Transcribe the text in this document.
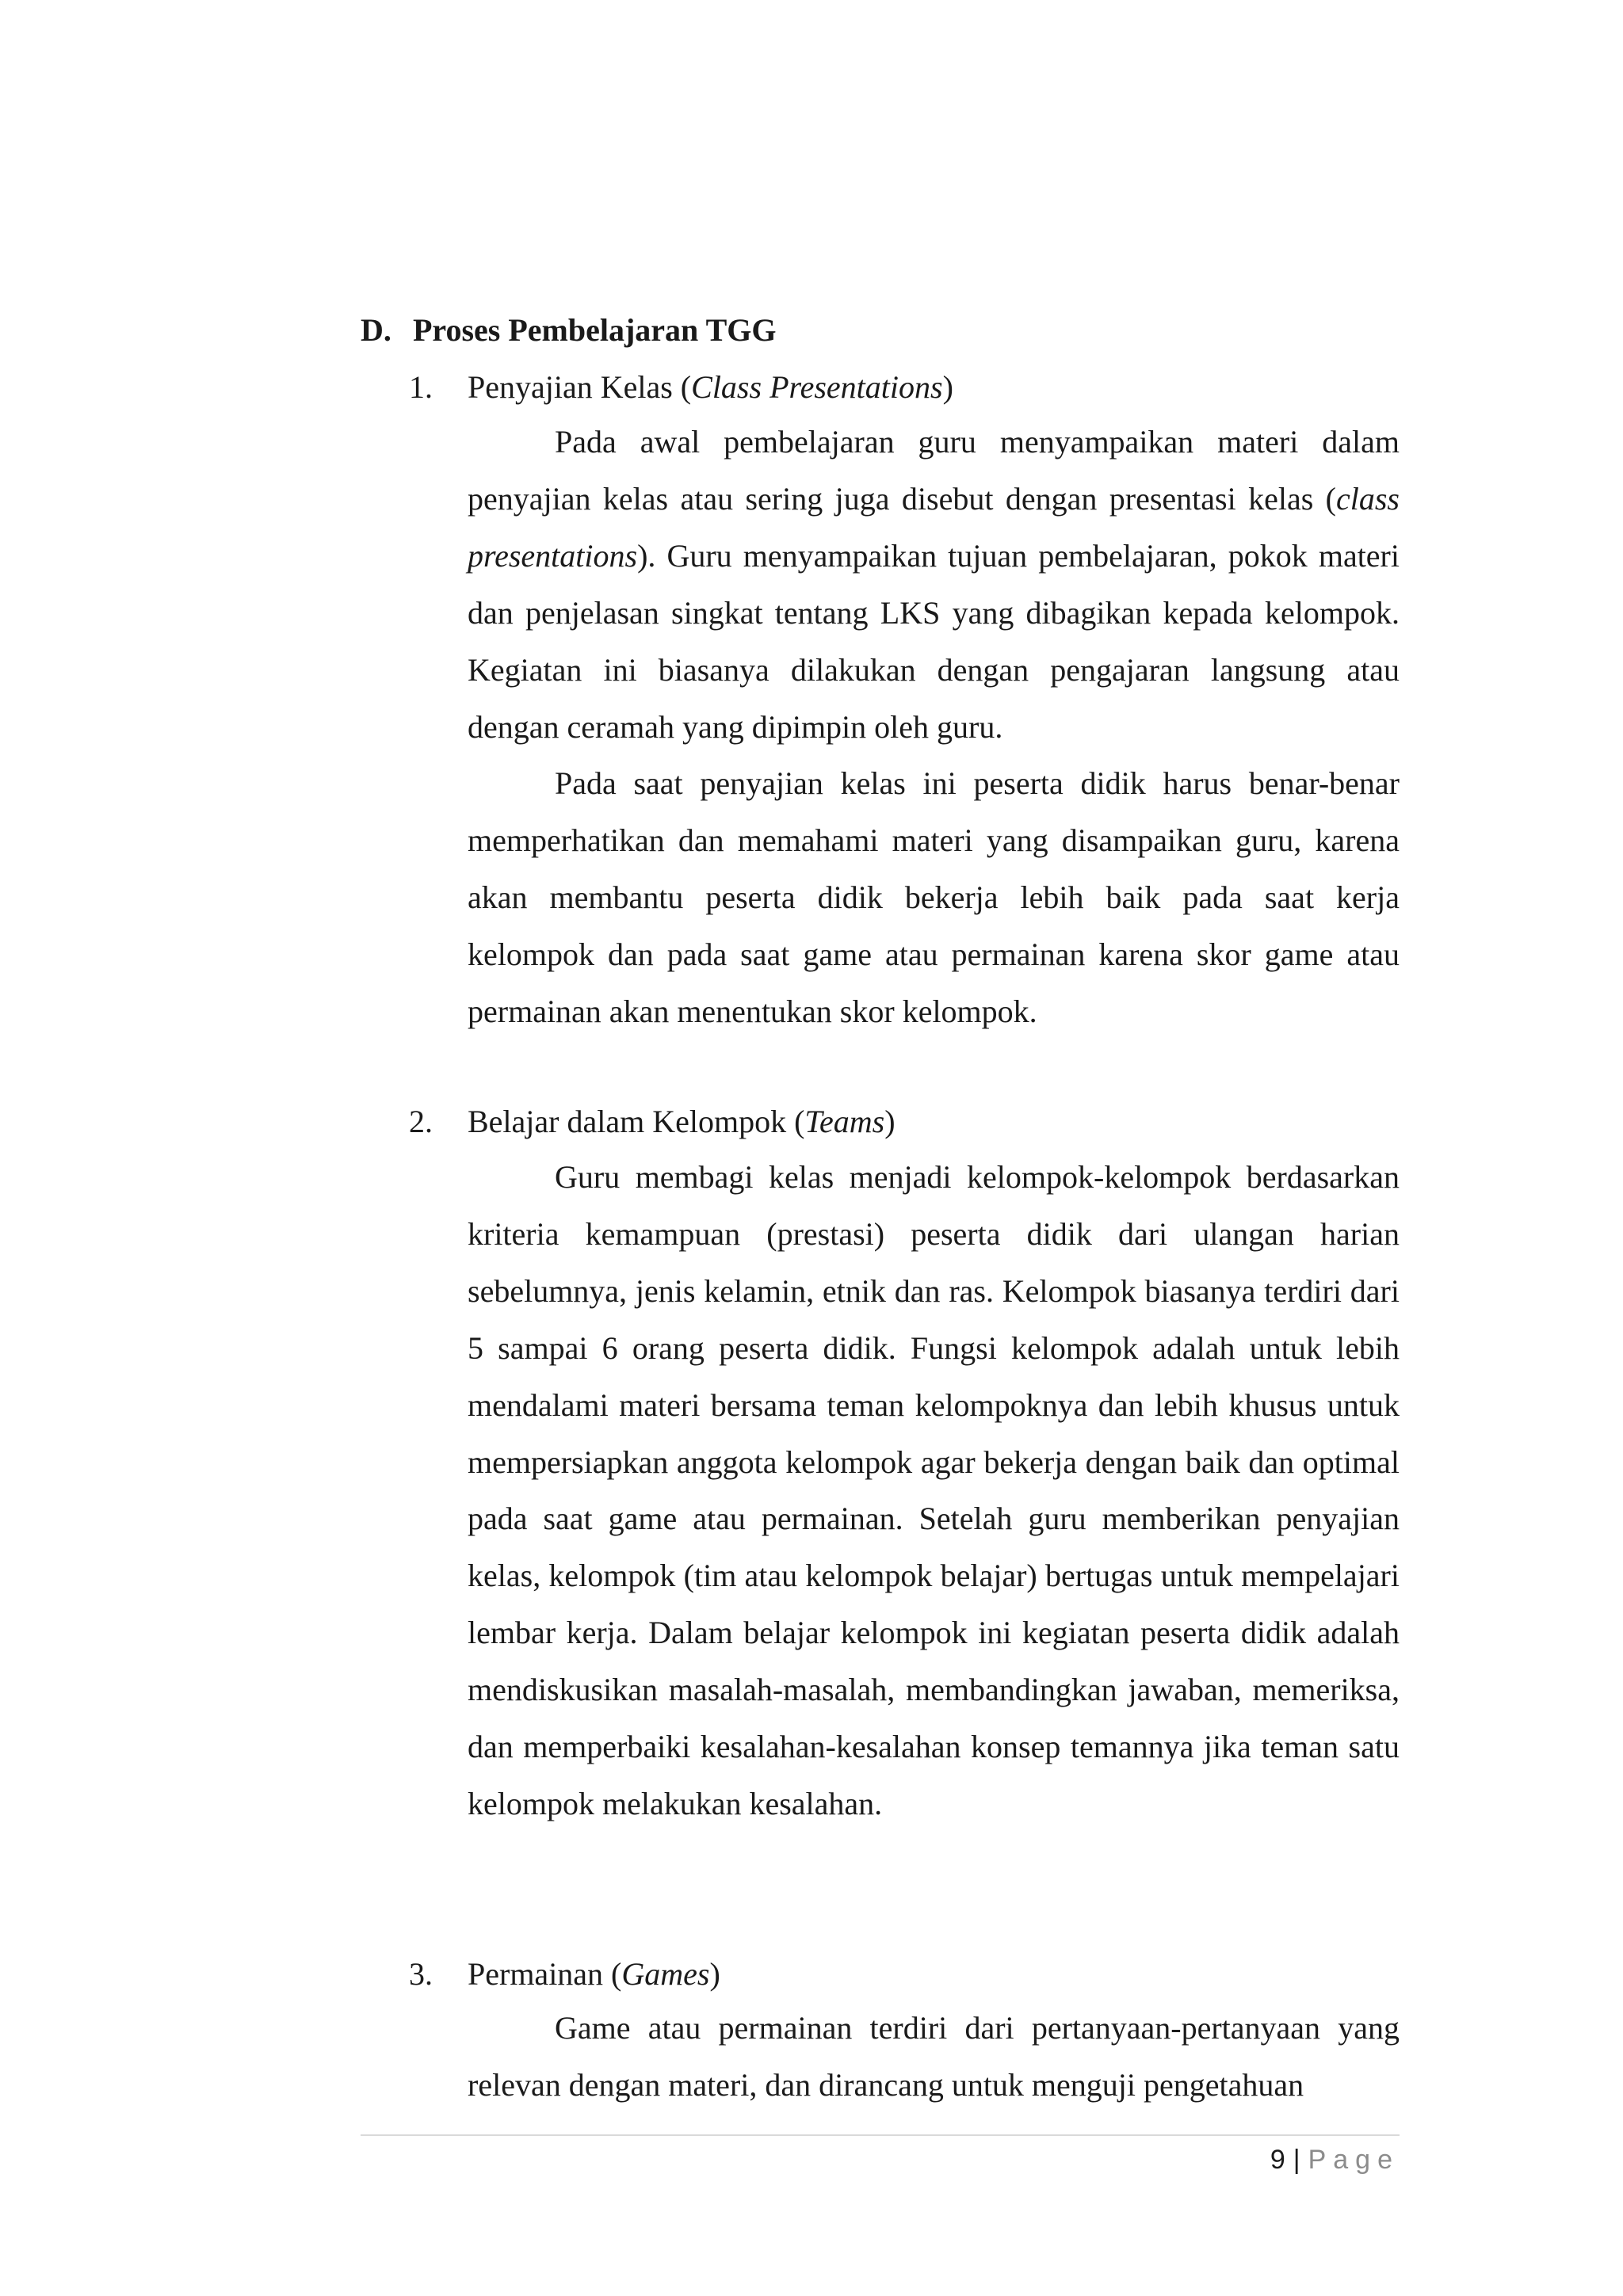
D. Proses Pembelajaran TGG
1. Penyajian Kelas (Class Presentations)

Pada awal pembelajaran guru menyampaikan materi dalam penyajian kelas atau sering juga disebut dengan presentasi kelas (class presentations). Guru menyampaikan tujuan pembelajaran, pokok materi dan penjelasan singkat tentang LKS yang dibagikan kepada kelompok. Kegiatan ini biasanya dilakukan dengan pengajaran langsung atau dengan ceramah yang dipimpin oleh guru.

Pada saat penyajian kelas ini peserta didik harus benar-benar memperhatikan dan memahami materi yang disampaikan guru, karena akan membantu peserta didik bekerja lebih baik pada saat kerja kelompok dan pada saat game atau permainan karena skor game atau permainan akan menentukan skor kelompok.

2. Belajar dalam Kelompok (Teams)

Guru membagi kelas menjadi kelompok-kelompok berdasarkan kriteria kemampuan (prestasi) peserta didik dari ulangan harian sebelumnya, jenis kelamin, etnik dan ras. Kelompok biasanya terdiri dari 5 sampai 6 orang peserta didik. Fungsi kelompok adalah untuk lebih mendalami materi bersama teman kelompoknya dan lebih khusus untuk mempersiapkan anggota kelompok agar bekerja dengan baik dan optimal pada saat game atau permainan. Setelah guru memberikan penyajian kelas, kelompok (tim atau kelompok belajar) bertugas untuk mempelajari lembar kerja. Dalam belajar kelompok ini kegiatan peserta didik adalah mendiskusikan masalah-masalah, membandingkan jawaban, memeriksa, dan memperbaiki kesalahan-kesalahan konsep temannya jika teman satu kelompok melakukan kesalahan.

3. Permainan (Games)

Game atau permainan terdiri dari pertanyaan-pertanyaan yang relevan dengan materi, dan dirancang untuk menguji pengetahuan

9 | Page
